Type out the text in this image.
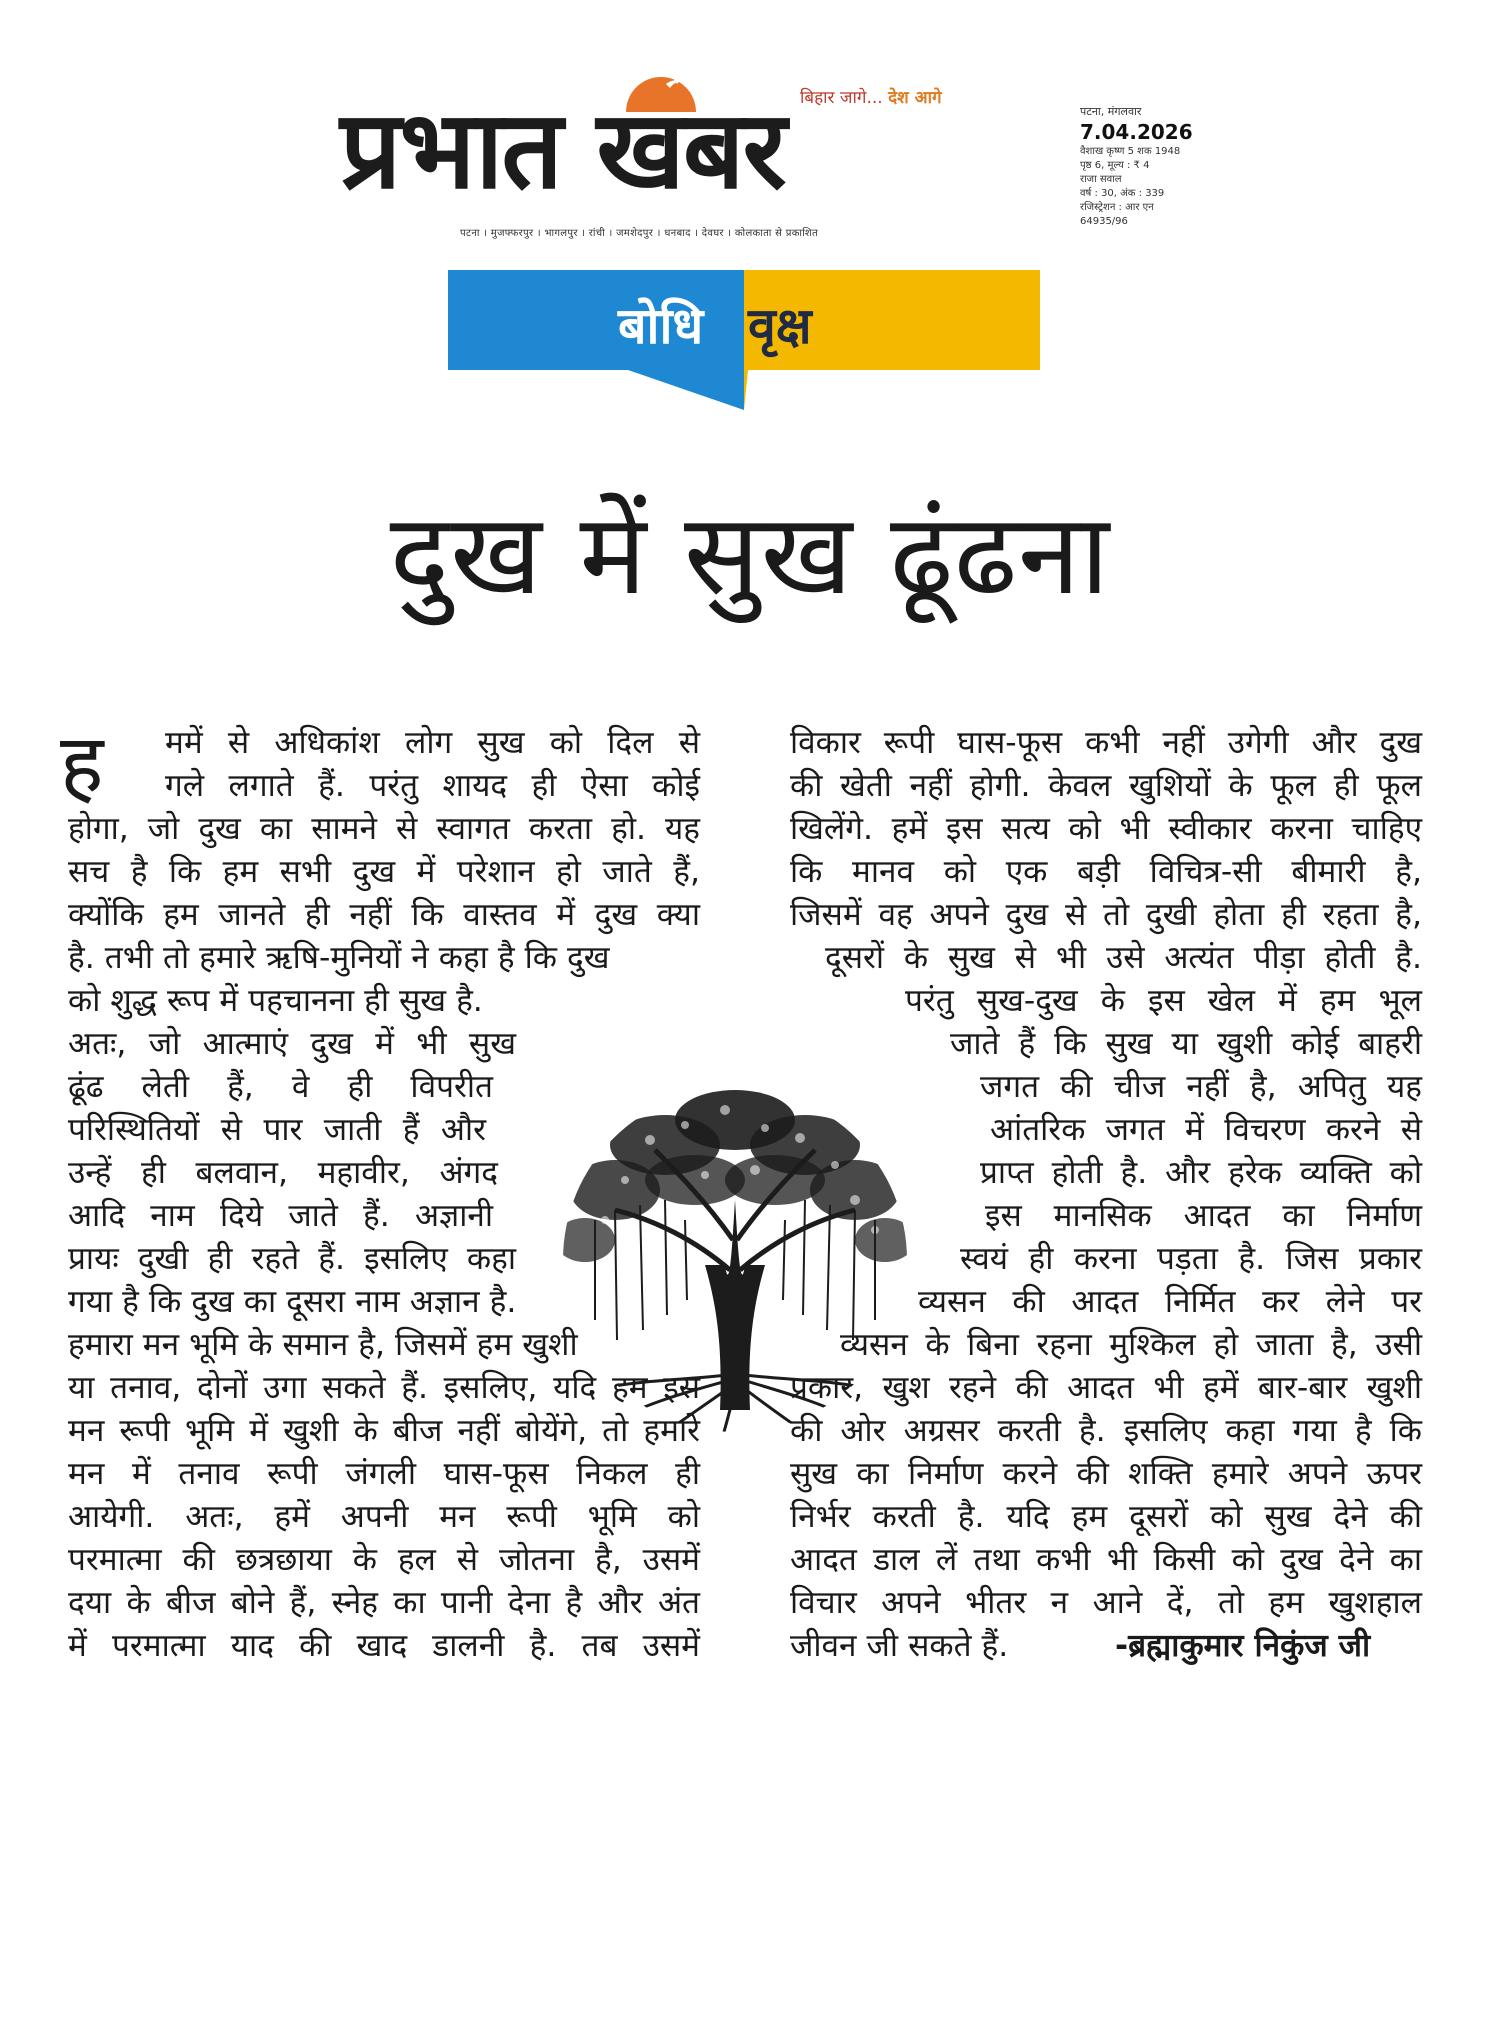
प्रभात खबर बिहार जागे... देश आगे
पटना । मुजफ्फरपुर । भागलपुर । रांची । जमशेदपुर । धनबाद । देवघर । कोलकाता से प्रकाशित
पटना, मंगलवार
7.04.2026
वैशाख कृष्ण 5 शक 1948
पृष्ठ 6, मूल्य : ₹ 4
राजा सवाल
वर्ष : 30, अंक : 339
रजिस्ट्रेशन : आर एन 64935/96
बोधि वृक्ष
दुख में सुख ढूंढना
ह ममें से अधिकांश लोग सुख को दिल से
गले लगाते हैं. परंतु शायद ही ऐसा कोई
होगा, जो दुख का सामने से स्वागत करता हो. यह
सच है कि हम सभी दुख में परेशान हो जाते हैं,
क्योंकि हम जानते ही नहीं कि वास्तव में दुख क्या
है. तभी तो हमारे ऋषि-मुनियों ने कहा है कि दुख
को शुद्ध रूप में पहचानना ही सुख है.
अतः, जो आत्माएं दुख में भी सुख
ढूंढ लेती हैं, वे ही विपरीत
परिस्थितियों से पार जाती हैं और
उन्हें ही बलवान, महावीर, अंगद
आदि नाम दिये जाते हैं. अज्ञानी
प्रायः दुखी ही रहते हैं. इसलिए कहा
गया है कि दुख का दूसरा नाम अज्ञान है.
हमारा मन भूमि के समान है, जिसमें हम खुशी
या तनाव, दोनों उगा सकते हैं. इसलिए, यदि हम इस
मन रूपी भूमि में खुशी के बीज नहीं बोयेंगे, तो हमारे
मन में तनाव रूपी जंगली घास-फूस निकल ही
आयेगी. अतः, हमें अपनी मन रूपी भूमि को
परमात्मा की छत्रछाया के हल से जोतना है, उसमें
दया के बीज बोने हैं, स्नेह का पानी देना है और अंत
में परमात्मा याद की खाद डालनी है. तब उसमें
विकार रूपी घास-फूस कभी नहीं उगेगी और दुख
की खेती नहीं होगी. केवल खुशियों के फूल ही फूल
खिलेंगे. हमें इस सत्य को भी स्वीकार करना चाहिए
कि मानव को एक बड़ी विचित्र-सी बीमारी है,
जिसमें वह अपने दुख से तो दुखी होता ही रहता है,
दूसरों के सुख से भी उसे अत्यंत पीड़ा होती है.
परंतु सुख-दुख के इस खेल में हम भूल
जाते हैं कि सुख या खुशी कोई बाहरी
जगत की चीज नहीं है, अपितु यह
आंतरिक जगत में विचरण करने से
प्राप्त होती है. और हरेक व्यक्ति को
इस मानसिक आदत का निर्माण
स्वयं ही करना पड़ता है. जिस प्रकार
व्यसन की आदत निर्मित कर लेने पर
व्यसन के बिना रहना मुश्किल हो जाता है, उसी
प्रकार, खुश रहने की आदत भी हमें बार-बार खुशी
की ओर अग्रसर करती है. इसलिए कहा गया है कि
सुख का निर्माण करने की शक्ति हमारे अपने ऊपर
निर्भर करती है. यदि हम दूसरों को सुख देने की
आदत डाल लें तथा कभी भी किसी को दुख देने का
विचार अपने भीतर न आने दें, तो हम खुशहाल
जीवन जी सकते हैं.	-ब्रह्माकुमार निकुंज जी
